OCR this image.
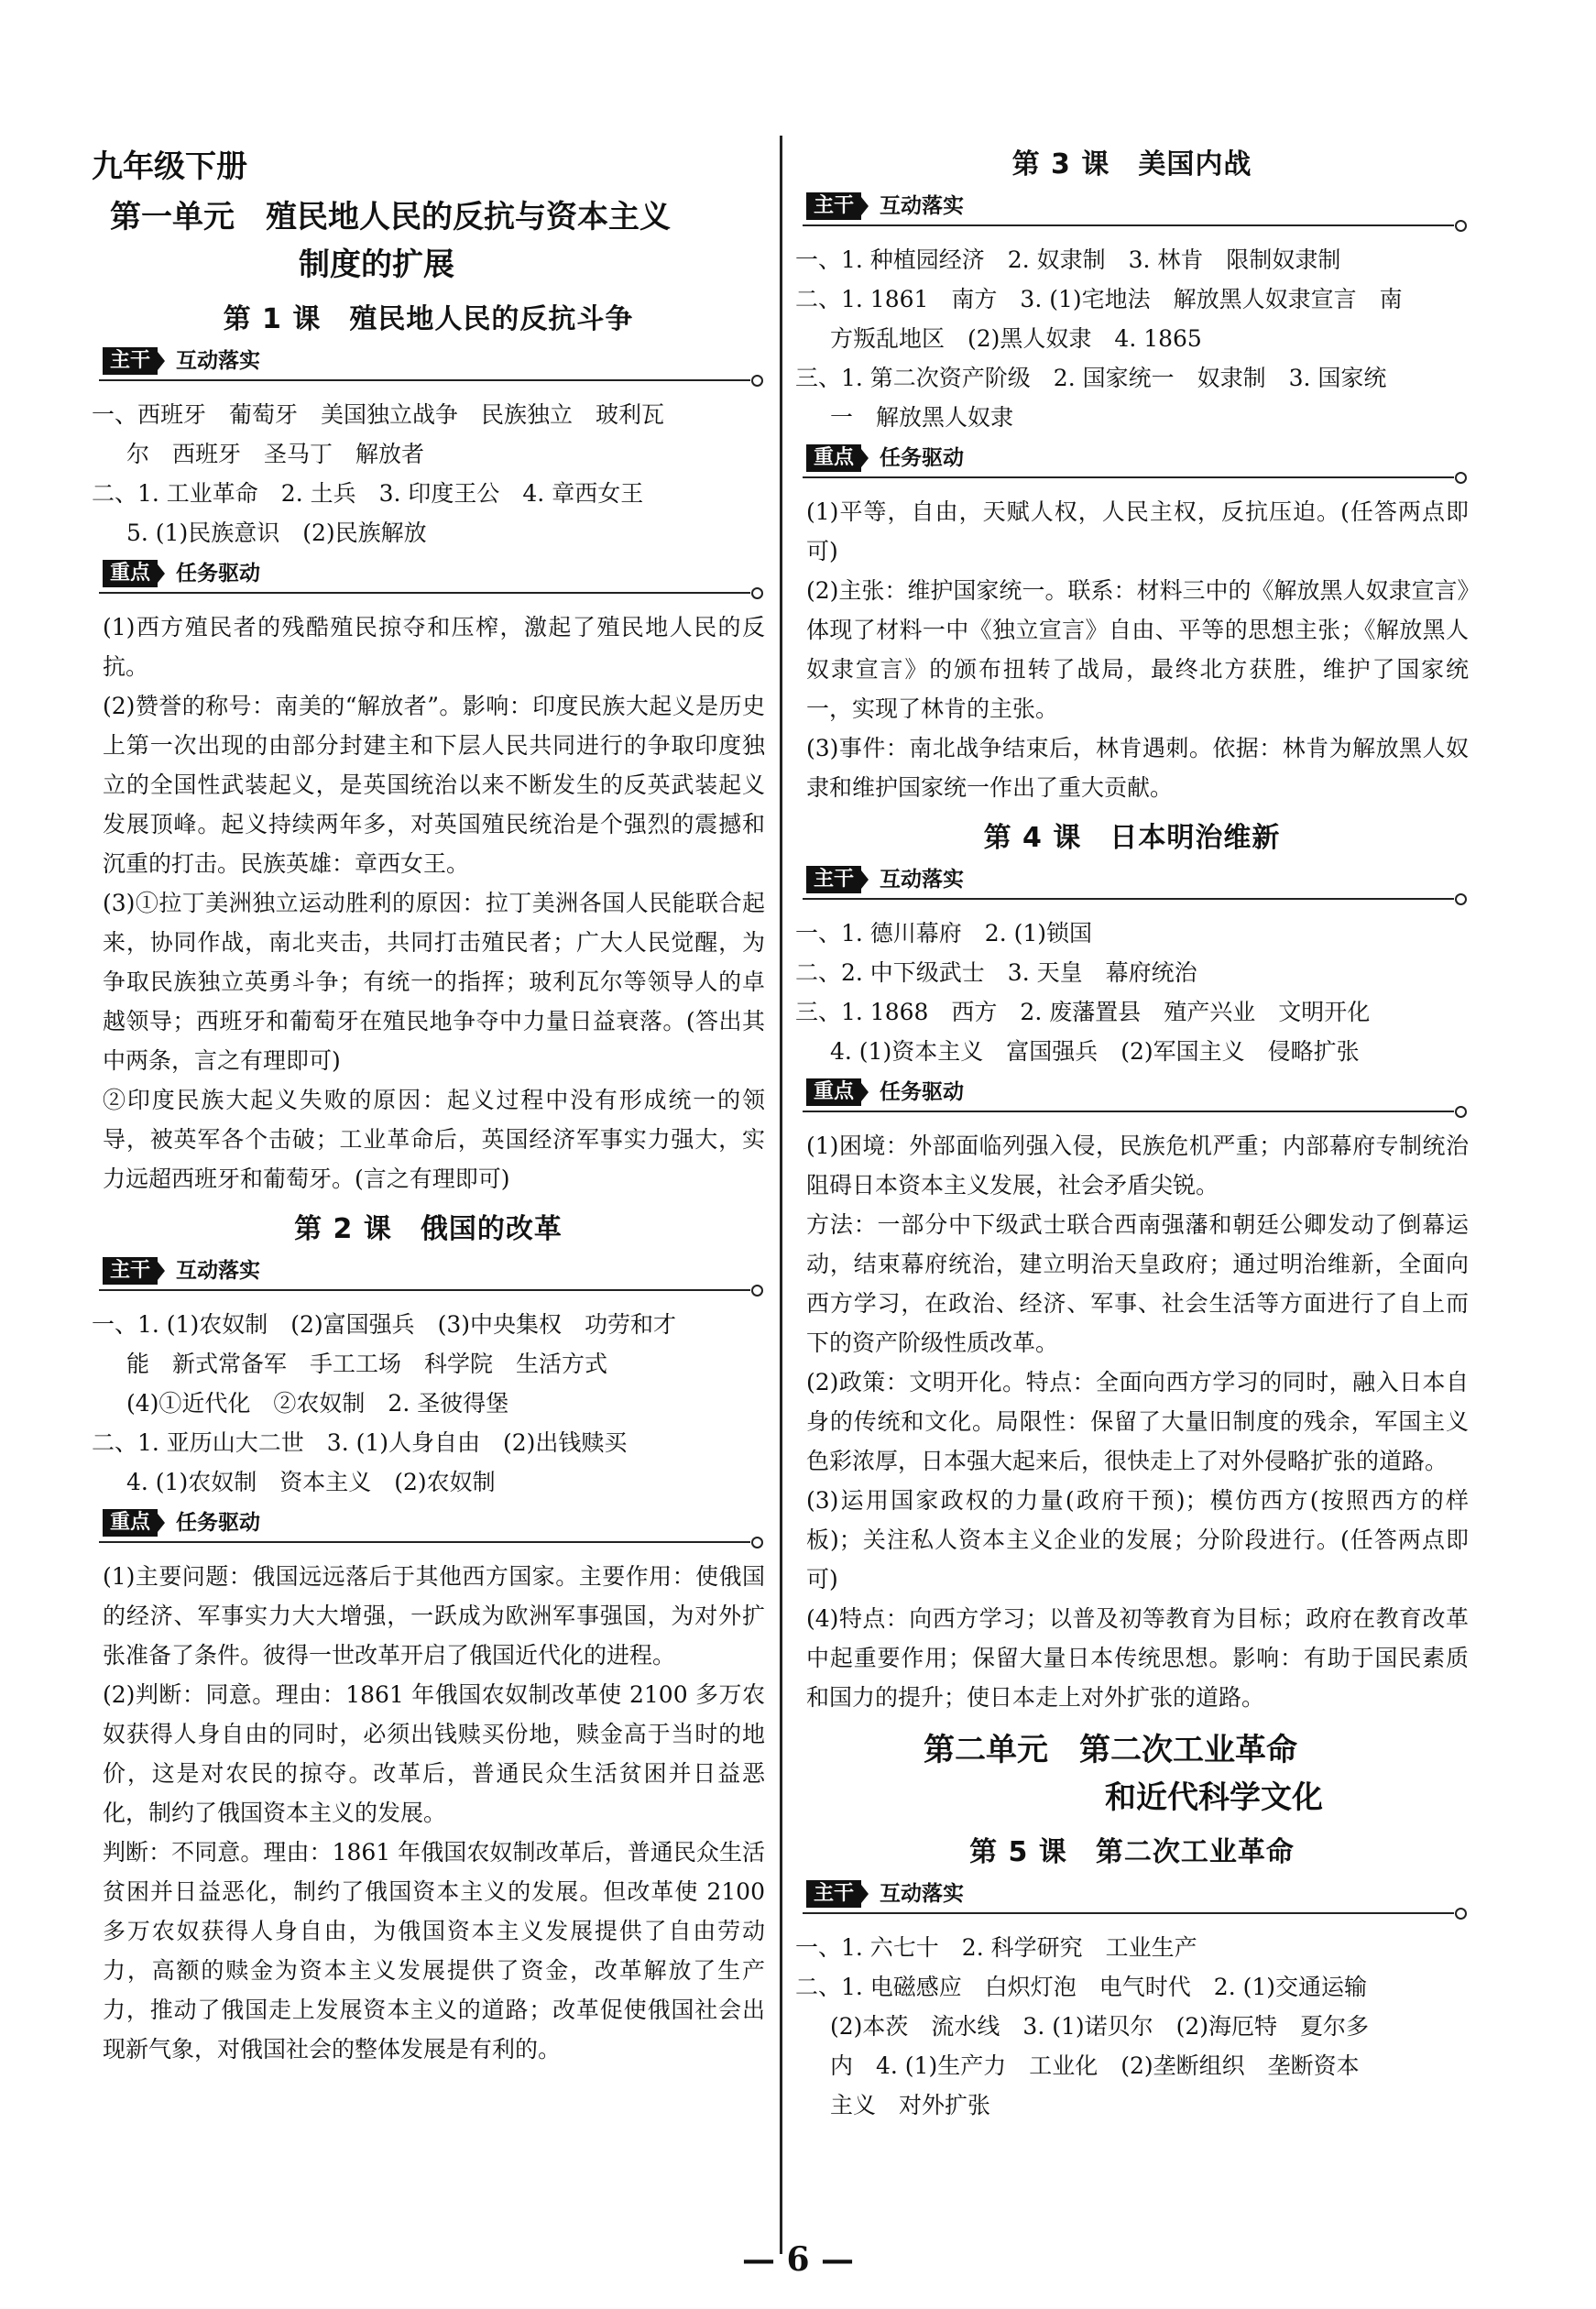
九年级下册
第一单元　殖民地人民的反抗与资本主义
制度的扩展
第 1 课　殖民地人民的反抗斗争
主干	互动落实

一、西班牙　葡萄牙　美国独立战争　民族独立　玻利瓦

尔　西班牙　圣马丁　解放者

二、1. 工业革命　2. 土兵　3. 印度王公　4. 章西女王

5. (1)民族意识　(2)民族解放

重点	任务驱动

(1)西方殖民者的残酷殖民掠夺和压榨，激起了殖民地人民的反抗。

(2)赞誉的称号：南美的“解放者”。影响：印度民族大起义是历史上第一次出现的由部分封建主和下层人民共同进行的争取印度独立的全国性武装起义，是英国统治以来不断发生的反英武装起义发展顶峰。起义持续两年多，对英国殖民统治是个强烈的震撼和沉重的打击。民族英雄：章西女王。

(3)①拉丁美洲独立运动胜利的原因：拉丁美洲各国人民能联合起来，协同作战，南北夹击，共同打击殖民者；广大人民觉醒，为争取民族独立英勇斗争；有统一的指挥；玻利瓦尔等领导人的卓越领导；西班牙和葡萄牙在殖民地争夺中力量日益衰落。(答出其中两条，言之有理即可)

②印度民族大起义失败的原因：起义过程中没有形成统一的领导，被英军各个击破；工业革命后，英国经济军事实力强大，实力远超西班牙和葡萄牙。(言之有理即可)

第 2 课　俄国的改革
主干	互动落实

一、1. (1)农奴制　(2)富国强兵　(3)中央集权　功劳和才

能　新式常备军　手工工场　科学院　生活方式

(4)①近代化　②农奴制　2. 圣彼得堡

二、1. 亚历山大二世　3. (1)人身自由　(2)出钱赎买

4. (1)农奴制　资本主义　(2)农奴制

重点	任务驱动

(1)主要问题：俄国远远落后于其他西方国家。主要作用：使俄国的经济、军事实力大大增强，一跃成为欧洲军事强国，为对外扩张准备了条件。彼得一世改革开启了俄国近代化的进程。

(2)判断：同意。理由：1861 年俄国农奴制改革使 2100 多万农奴获得人身自由的同时，必须出钱赎买份地，赎金高于当时的地价，这是对农民的掠夺。改革后，普通民众生活贫困并日益恶化，制约了俄国资本主义的发展。

判断：不同意。理由：1861 年俄国农奴制改革后，普通民众生活贫困并日益恶化，制约了俄国资本主义的发展。但改革使 2100 多万农奴获得人身自由，为俄国资本主义发展提供了自由劳动力，高额的赎金为资本主义发展提供了资金，改革解放了生产力，推动了俄国走上发展资本主义的道路；改革促使俄国社会出现新气象，对俄国社会的整体发展是有利的。

第 3 课　美国内战
主干	互动落实

一、1. 种植园经济　2. 奴隶制　3. 林肯　限制奴隶制

二、1. 1861　南方　3. (1)宅地法　解放黑人奴隶宣言　南

方叛乱地区　(2)黑人奴隶　4. 1865

三、1. 第二次资产阶级　2. 国家统一　奴隶制　3. 国家统

一　解放黑人奴隶

重点	任务驱动

(1)平等，自由，天赋人权，人民主权，反抗压迫。(任答两点即可)

(2)主张：维护国家统一。联系：材料三中的《解放黑人奴隶宣言》体现了材料一中《独立宣言》自由、平等的思想主张；《解放黑人奴隶宣言》的颁布扭转了战局，最终北方获胜，维护了国家统一，实现了林肯的主张。

(3)事件：南北战争结束后，林肯遇刺。依据：林肯为解放黑人奴隶和维护国家统一作出了重大贡献。

第 4 课　日本明治维新
主干	互动落实

一、1. 德川幕府　2. (1)锁国

二、2. 中下级武士　3. 天皇　幕府统治

三、1. 1868　西方　2. 废藩置县　殖产兴业　文明开化

4. (1)资本主义　富国强兵　(2)军国主义　侵略扩张

重点	任务驱动

(1)困境：外部面临列强入侵，民族危机严重；内部幕府专制统治阻碍日本资本主义发展，社会矛盾尖锐。

方法：一部分中下级武士联合西南强藩和朝廷公卿发动了倒幕运动，结束幕府统治，建立明治天皇政府；通过明治维新，全面向西方学习，在政治、经济、军事、社会生活等方面进行了自上而下的资产阶级性质改革。

(2)政策：文明开化。特点：全面向西方学习的同时，融入日本自身的传统和文化。局限性：保留了大量旧制度的残余，军国主义色彩浓厚，日本强大起来后，很快走上了对外侵略扩张的道路。

(3)运用国家政权的力量(政府干预)；模仿西方(按照西方的样板)；关注私人资本主义企业的发展；分阶段进行。(任答两点即可)

(4)特点：向西方学习；以普及初等教育为目标；政府在教育改革中起重要作用；保留大量日本传统思想。影响：有助于国民素质和国力的提升；使日本走上对外扩张的道路。

第二单元　第二次工业革命
和近代科学文化
第 5 课　第二次工业革命
主干	互动落实

一、1. 六七十　2. 科学研究　工业生产

二、1. 电磁感应　白炽灯泡　电气时代　2. (1)交通运输

(2)本茨　流水线　3. (1)诺贝尔　(2)海厄特　夏尔多

内　4. (1)生产力　工业化　(2)垄断组织　垄断资本

主义　对外扩张

— 6 —
